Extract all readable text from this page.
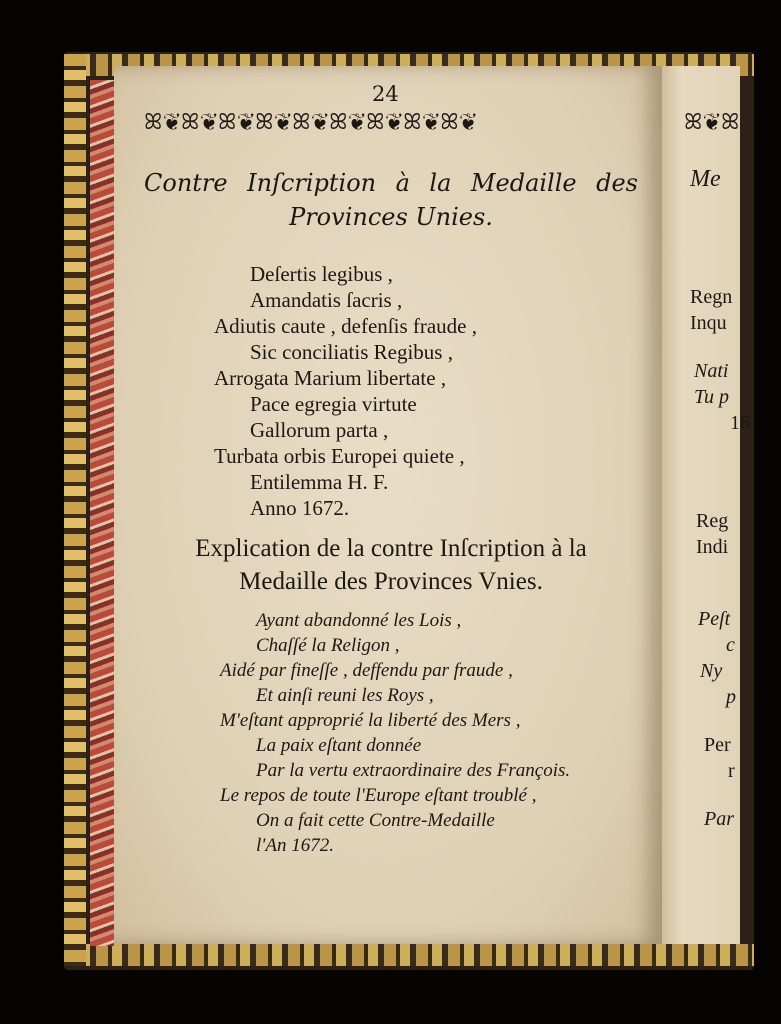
24
ꕤ❦ꕤ❦ꕤ❦ꕤ❦ꕤ❦ꕤ❦ꕤ❦ꕤ❦ꕤ❦	ꕤ❦ꕤ
Contre Inſcription à la Medaille des Provinces Unies.
Deſertis legibus ,
Amandatis ſacris ,
Adiutis caute , defenſis fraude ,
Sic conciliatis Regibus ,
Arrogata Marium libertate ,
Pace egregia virtute
Gallorum parta ,
Turbata orbis Europei quiete ,
Entilemma H. F.
Anno 1672.
Explication de la contre Inſcription à la
Medaille des Provinces Vnies.
Ayant abandonné les Lois ,
Chaſſé la Religon ,
Aidé par fineſſe , deffendu par fraude ,
Et ainſi reuni les Roys ,
M'eſtant approprié la liberté des Mers ,
La paix eſtant donnée
Par la vertu extraordinaire des François.
Le repos de toute l'Europe eſtant troublé ,
On a fait cette Contre-Medaille
l'An 1672.
Me
Regn
Inqu
Nati
Tu p
16
Reg
Indi
Peſt
c
Ny
p
Per
r
Par
